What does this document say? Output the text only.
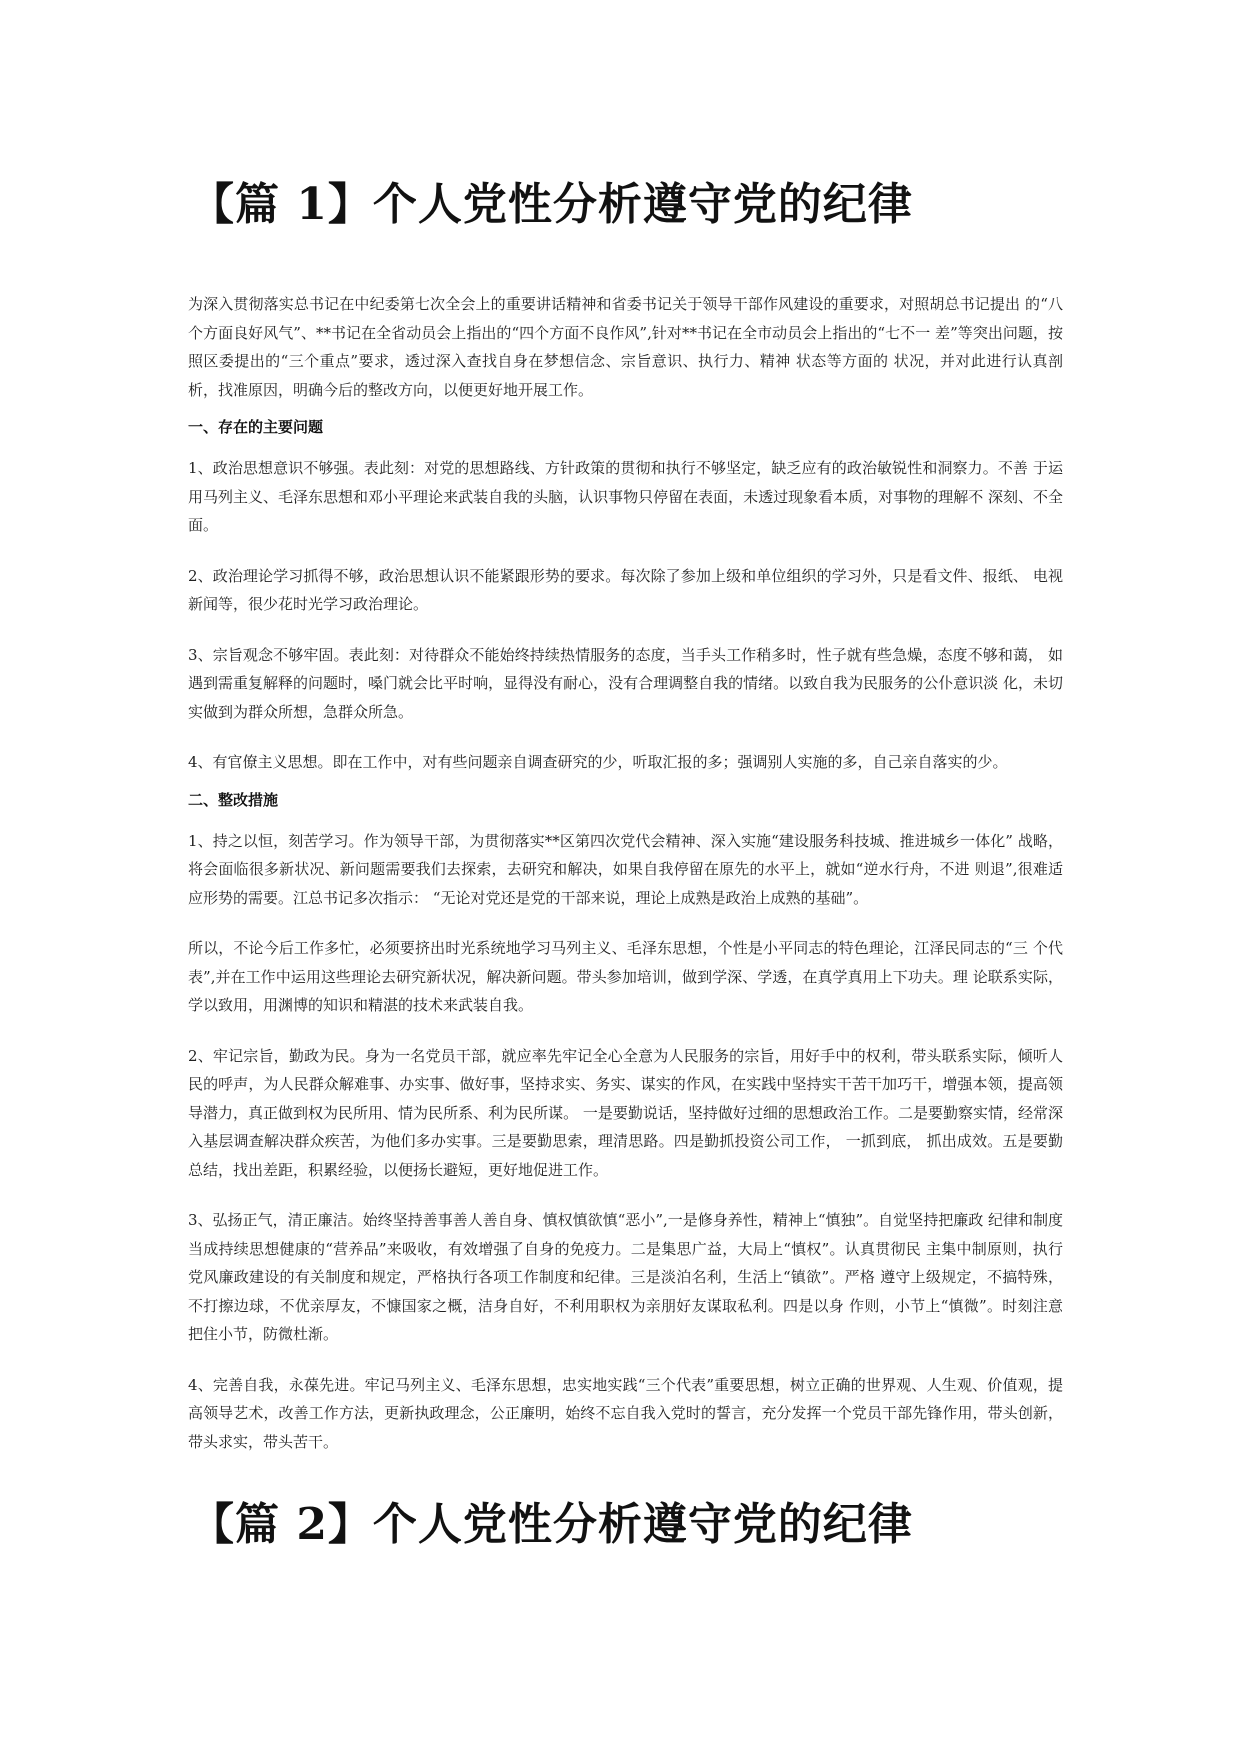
【篇 1】个人党性分析遵守党的纪律

为深入贯彻落实总书记在中纪委第七次全会上的重要讲话精神和省委书记关于领导干部作风建设的重要求，对照胡总书记提出 的“八个方面良好风气”、**书记在全省动员会上指出的“四个方面不良作风”,针对**书记在全市动员会上指出的“七不一 差”等突出问题，按照区委提出的“三个重点”要求，透过深入查找自身在梦想信念、宗旨意识、执行力、精神 状态等方面的 状况，并对此进行认真剖析，找准原因，明确今后的整改方向，以便更好地开展工作。

一、存在的主要问题

1、政治思想意识不够强。表此刻：对党的思想路线、方针政策的贯彻和执行不够坚定，缺乏应有的政治敏锐性和洞察力。不善 于运用马列主义、毛泽东思想和邓小平理论来武装自我的头脑，认识事物只停留在表面，未透过现象看本质，对事物的理解不 深刻、不全面。

2、政治理论学习抓得不够，政治思想认识不能紧跟形势的要求。每次除了参加上级和单位组织的学习外，只是看文件、报纸、 电视新闻等，很少花时光学习政治理论。

3、宗旨观念不够牢固。表此刻：对待群众不能始终持续热情服务的态度，当手头工作稍多时，性子就有些急燥，态度不够和蔼， 如遇到需重复解释的问题时，嗓门就会比平时响，显得没有耐心，没有合理调整自我的情绪。以致自我为民服务的公仆意识淡 化，未切实做到为群众所想，急群众所急。

4、有官僚主义思想。即在工作中，对有些问题亲自调查研究的少，听取汇报的多；强调别人实施的多，自己亲自落实的少。

二、整改措施

1、持之以恒，刻苦学习。作为领导干部，为贯彻落实**区第四次党代会精神、深入实施“建设服务科技城、推进城乡一体化” 战略，将会面临很多新状况、新问题需要我们去探索，去研究和解决，如果自我停留在原先的水平上，就如“逆水行舟，不进 则退”,很难适应形势的需要。江总书记多次指示： “无论对党还是党的干部来说，理论上成熟是政治上成熟的基础”。

所以，不论今后工作多忙，必须要挤出时光系统地学习马列主义、毛泽东思想，个性是小平同志的特色理论，江泽民同志的“三 个代表”,并在工作中运用这些理论去研究新状况，解决新问题。带头参加培训，做到学深、学透，在真学真用上下功夫。理 论联系实际，学以致用，用渊博的知识和精湛的技术来武装自我。

2、牢记宗旨，勤政为民。身为一名党员干部，就应率先牢记全心全意为人民服务的宗旨，用好手中的权利，带头联系实际，倾听人民的呼声，为人民群众解难事、办实事、做好事，坚持求实、务实、谋实的作风，在实践中坚持实干苦干加巧干，增强本领，提高领导潜力，真正做到权为民所用、情为民所系、利为民所谋。 一是要勤说话，坚持做好过细的思想政治工作。二是要勤察实情，经常深入基层调查解决群众疾苦，为他们多办实事。三是要勤思索，理清思路。四是勤抓投资公司工作， 一抓到底， 抓出成效。五是要勤总结，找出差距，积累经验，以便扬长避短，更好地促进工作。

3、弘扬正气，清正廉洁。始终坚持善事善人善自身、慎权慎欲慎“恶小”,一是修身养性，精神上“慎独”。自觉坚持把廉政 纪律和制度当成持续思想健康的“营养品”来吸收，有效增强了自身的免疫力。二是集思广益，大局上“慎权”。认真贯彻民 主集中制原则，执行党风廉政建设的有关制度和规定，严格执行各项工作制度和纪律。三是淡泊名利，生活上“镇欲”。严格 遵守上级规定，不搞特殊，不打擦边球，不优亲厚友，不慷国家之概，洁身自好，不利用职权为亲朋好友谋取私利。四是以身 作则，小节上“慎微”。时刻注意把住小节，防微杜渐。

4、完善自我，永葆先进。牢记马列主义、毛泽东思想，忠实地实践“三个代表”重要思想，树立正确的世界观、人生观、价值观，提高领导艺术，改善工作方法，更新执政理念，公正廉明，始终不忘自我入党时的誓言，充分发挥一个党员干部先锋作用，带头创新，带头求实，带头苦干。

【篇 2】个人党性分析遵守党的纪律
